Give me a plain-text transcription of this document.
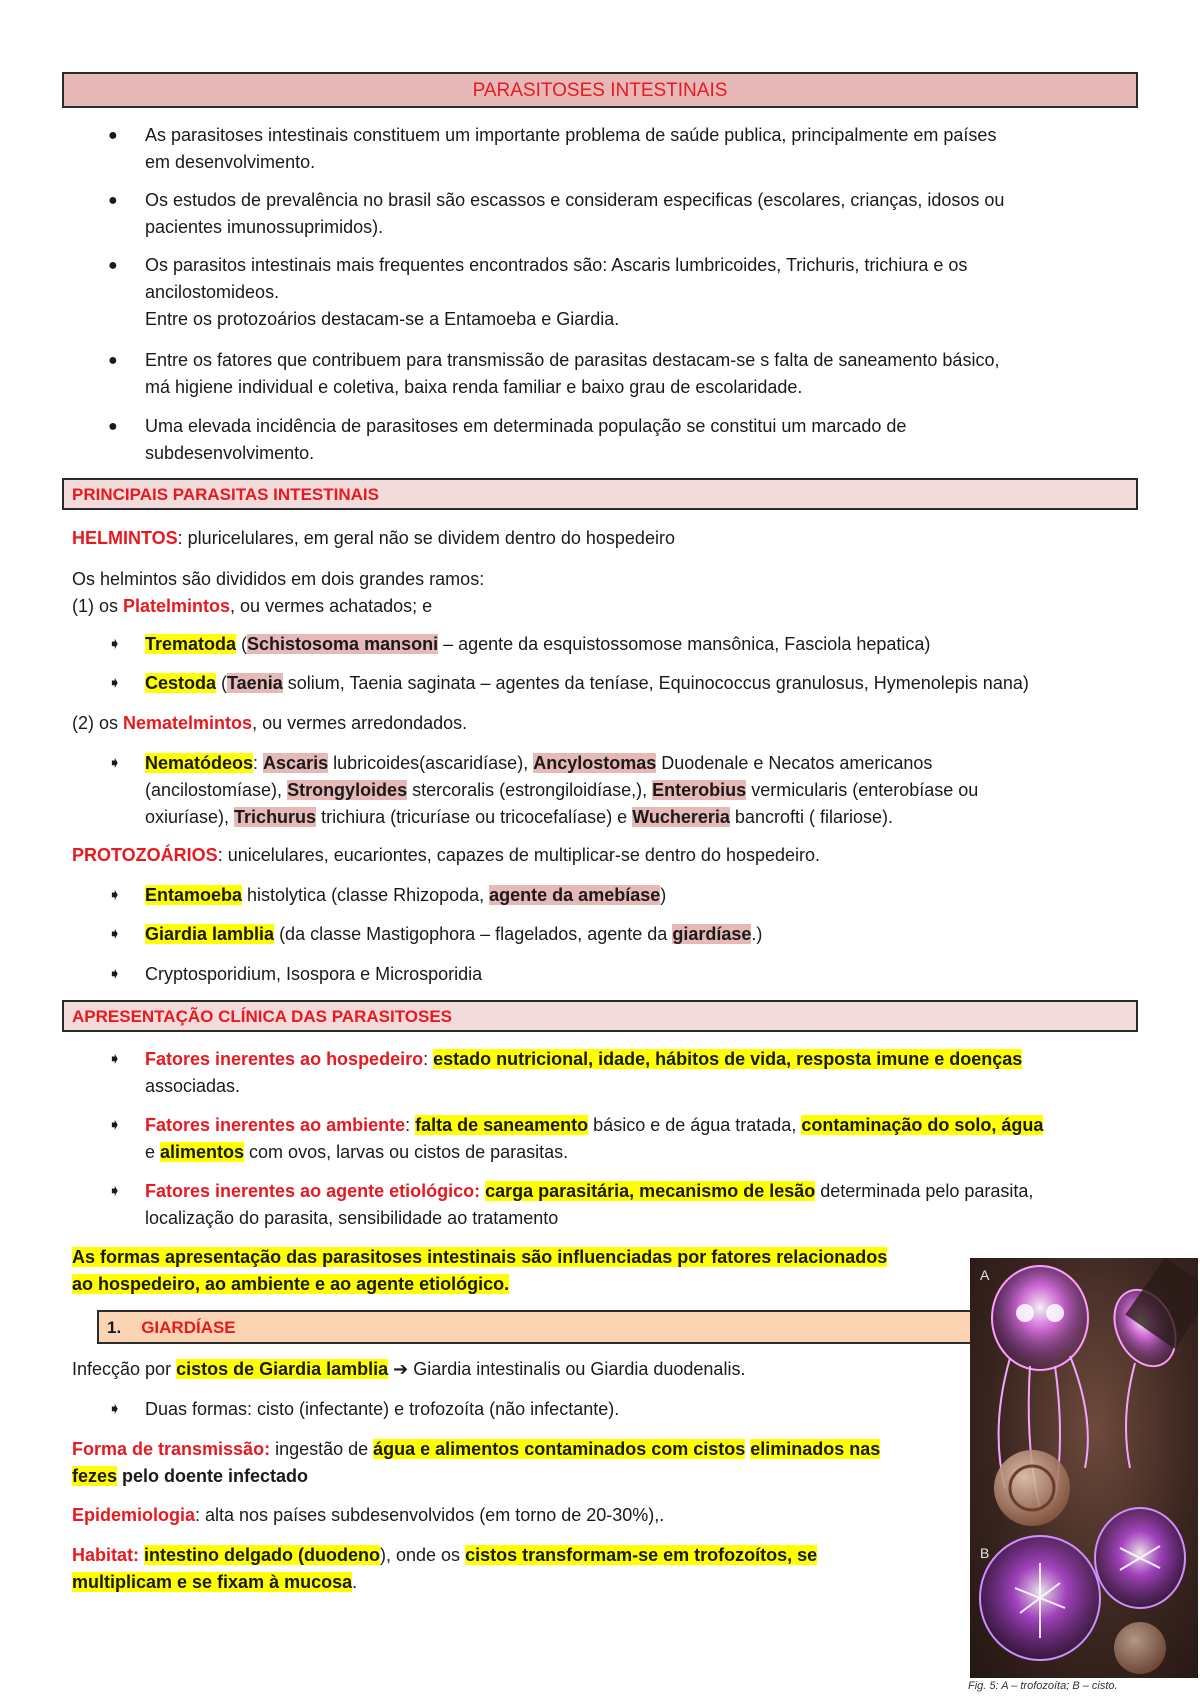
PARASITOSES INTESTINAIS
● As parasitoses intestinais constituem um importante problema de saúde publica, principalmente em países
em desenvolvimento.
● Os estudos de prevalência no brasil são escassos e consideram especificas (escolares, crianças, idosos ou
pacientes imunossuprimidos).
● Os parasitos intestinais mais frequentes encontrados são: Ascaris lumbricoides, Trichuris, trichiura e os
ancilostomideos.
Entre os protozoários destacam-se a Entamoeba e Giardia.
● Entre os fatores que contribuem para transmissão de parasitas destacam-se s falta de saneamento básico,
má higiene individual e coletiva, baixa renda familiar e baixo grau de escolaridade.
● Uma elevada incidência de parasitoses em determinada população se constitui um marcado de
subdesenvolvimento.
PRINCIPAIS PARASITAS INTESTINAIS
HELMINTOS: pluricelulares, em geral não se dividem dentro do hospedeiro
Os helmintos são divididos em dois grandes ramos:
(1) os Platelmintos, ou vermes achatados; e
➧ Trematoda (Schistosoma mansoni – agente da esquistossomose mansônica, Fasciola hepatica)
➧ Cestoda (Taenia solium, Taenia saginata – agentes da teníase, Equinococcus granulosus, Hymenolepis nana)
(2) os Nematelmintos, ou vermes arredondados.
➧ Nematódeos: Ascaris lubricoides(ascaridíase), Ancylostomas Duodenale e Necatos americanos
(ancilostomíase), Strongyloides stercoralis (estrongiloidíase,), Enterobius vermicularis (enterobíase ou
oxiuríase), Trichurus trichiura (tricuríase ou tricocefalíase) e Wuchereria bancrofti ( filariose).
PROTOZOÁRIOS: unicelulares, eucariontes, capazes de multiplicar-se dentro do hospedeiro.
➧ Entamoeba histolytica (classe Rhizopoda, agente da amebíase)
➧ Giardia lamblia (da classe Mastigophora – flagelados, agente da giardíase.)
➧ Cryptosporidium, Isospora e Microsporidia
APRESENTAÇÃO CLÍNICA DAS PARASITOSES
➧ Fatores inerentes ao hospedeiro: estado nutricional, idade, hábitos de vida, resposta imune e doenças
associadas.
➧ Fatores inerentes ao ambiente: falta de saneamento básico e de água tratada, contaminação do solo, água
e alimentos com ovos, larvas ou cistos de parasitas.
➧ Fatores inerentes ao agente etiológico: carga parasitária, mecanismo de lesão determinada pelo parasita,
localização do parasita, sensibilidade ao tratamento
As formas apresentação das parasitoses intestinais são influenciadas por fatores relacionados
ao hospedeiro, ao ambiente e ao agente etiológico.
1. GIARDÍASE
Infecção por cistos de Giardia lamblia ➔ Giardia intestinalis ou Giardia duodenalis.
➧ Duas formas: cisto (infectante) e trofozoíta (não infectante).
Forma de transmissão: ingestão de água e alimentos contaminados com cistos eliminados nas
fezes pelo doente infectado
Epidemiologia: alta nos países subdesenvolvidos (em torno de 20-30%),.
Habitat: intestino delgado (duodeno), onde os cistos transformam-se em trofozoítos, se
multiplicam e se fixam à mucosa.
A
B
Fig. 5: A – trofozoíta; B – cisto.
